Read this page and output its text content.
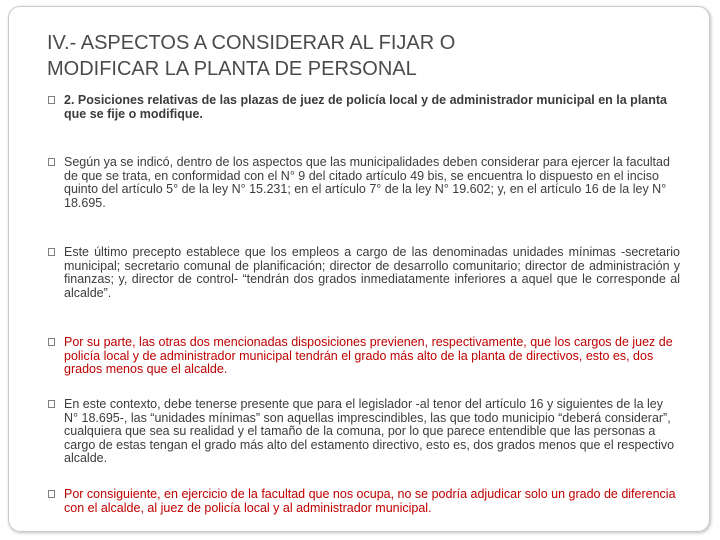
IV.- ASPECTOS A CONSIDERAR AL FIJAR O
MODIFICAR LA PLANTA DE PERSONAL
2. Posiciones relativas de las plazas de juez de policía local y de administrador municipal en la planta que se fije o modifique.
Según ya se indicó, dentro de los aspectos que las municipalidades deben considerar para ejercer la facultad de que se trata, en conformidad con el N° 9 del citado artículo 49 bis, se encuentra lo dispuesto en el inciso quinto del artículo 5° de la ley N° 15.231; en el artículo 7° de la ley N° 19.602; y, en el artículo 16 de la ley N° 18.695.
Este último precepto establece que los empleos a cargo de las denominadas unidades mínimas -secretario municipal; secretario comunal de planificación; director de desarrollo comunitario; director de administración y finanzas; y, director de control- “tendrán dos grados inmediatamente inferiores a aquel que le corresponde al alcalde”.
Por su parte, las otras dos mencionadas disposiciones previenen, respectivamente, que los cargos de juez de policía local y de administrador municipal tendrán el grado más alto de la planta de directivos, esto es, dos grados menos que el alcalde.
En este contexto, debe tenerse presente que para el legislador -al tenor del artículo 16 y siguientes de la ley N° 18.695-, las “unidades mínimas” son aquellas imprescindibles, las que todo municipio “deberá considerar”, cualquiera que sea su realidad y el tamaño de la comuna, por lo que parece entendible que las personas a cargo de estas tengan el grado más alto del estamento directivo, esto es, dos grados menos que el respectivo alcalde.
Por consiguiente, en ejercicio de la facultad que nos ocupa, no se podría adjudicar solo un grado de diferencia con el alcalde, al juez de policía local y al administrador municipal.
